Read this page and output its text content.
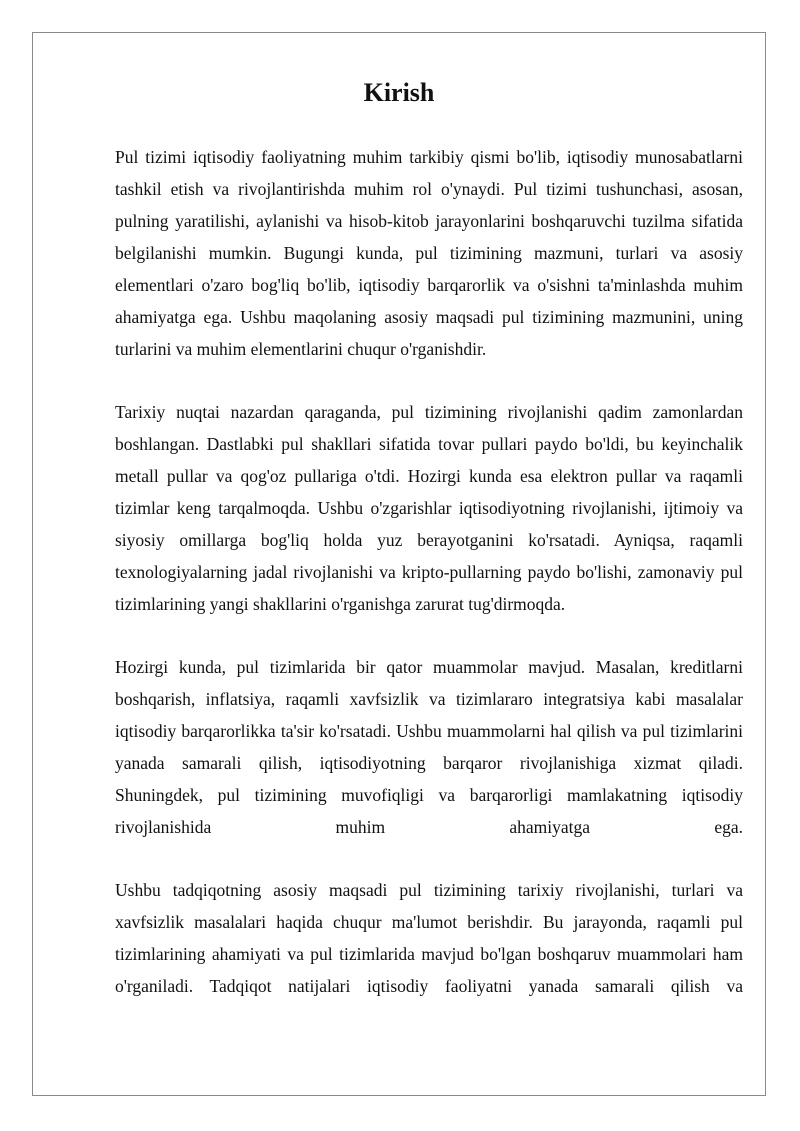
Kirish

Pul tizimi iqtisodiy faoliyatning muhim tarkibiy qismi bo'lib, iqtisodiy munosabatlarni tashkil etish va rivojlantirishda muhim rol o'ynaydi. Pul tizimi tushunchasi, asosan, pulning yaratilishi, aylanishi va hisob-kitob jarayonlarini boshqaruvchi tuzilma sifatida belgilanishi mumkin. Bugungi kunda, pul tizimining mazmuni, turlari va asosiy elementlari o'zaro bog'liq bo'lib, iqtisodiy barqarorlik va o'sishni ta'minlashda muhim ahamiyatga ega. Ushbu maqolaning asosiy maqsadi pul tizimining mazmunini, uning turlarini va muhim elementlarini chuqur o'rganishdir.

Tarixiy nuqtai nazardan qaraganda, pul tizimining rivojlanishi qadim zamonlardan boshlangan. Dastlabki pul shakllari sifatida tovar pullari paydo bo'ldi, bu keyinchalik metall pullar va qog'oz pullariga o'tdi. Hozirgi kunda esa elektron pullar va raqamli tizimlar keng tarqalmoqda. Ushbu o'zgarishlar iqtisodiyotning rivojlanishi, ijtimoiy va siyosiy omillarga bog'liq holda yuz berayotganini ko'rsatadi. Ayniqsa, raqamli texnologiyalarning jadal rivojlanishi va kripto-pullarning paydo bo'lishi, zamonaviy pul tizimlarining yangi shakllarini o'rganishga zarurat tug'dirmoqda.

Hozirgi kunda, pul tizimlarida bir qator muammolar mavjud. Masalan, kreditlarni boshqarish, inflatsiya, raqamli xavfsizlik va tizimlararo integratsiya kabi masalalar iqtisodiy barqarorlikka ta'sir ko'rsatadi. Ushbu muammolarni hal qilish va pul tizimlarini yanada samarali qilish, iqtisodiyotning barqaror rivojlanishiga xizmat qiladi. Shuningdek, pul tizimining muvofiqligi va barqarorligi mamlakatning iqtisodiy rivojlanishida muhim ahamiyatga ega.

Ushbu tadqiqotning asosiy maqsadi pul tizimining tarixiy rivojlanishi, turlari va xavfsizlik masalalari haqida chuqur ma'lumot berishdir. Bu jarayonda, raqamli pul tizimlarining ahamiyati va pul tizimlarida mavjud bo'lgan boshqaruv muammolari ham o'rganiladi. Tadqiqot natijalari iqtisodiy faoliyatni yanada samarali qilish va
